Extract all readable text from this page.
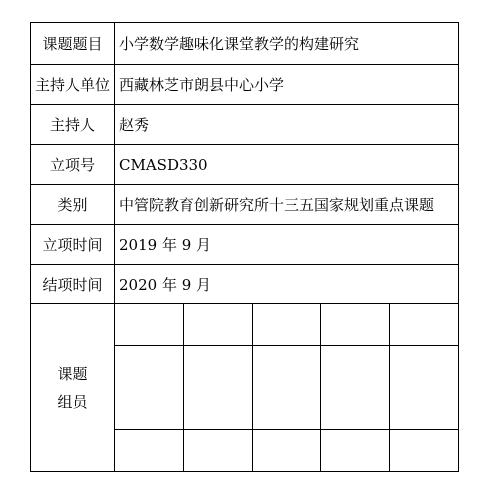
课题题目	小学数学趣味化课堂教学的构建研究
主持人单位	西藏林芝市朗县中心小学
主持人	赵秀
立项号	CMASD330
类别	中管院教育创新研究所十三五国家规划重点课题
立项时间	2019 年 9 月
结项时间	2020 年 9 月

课题
组员
